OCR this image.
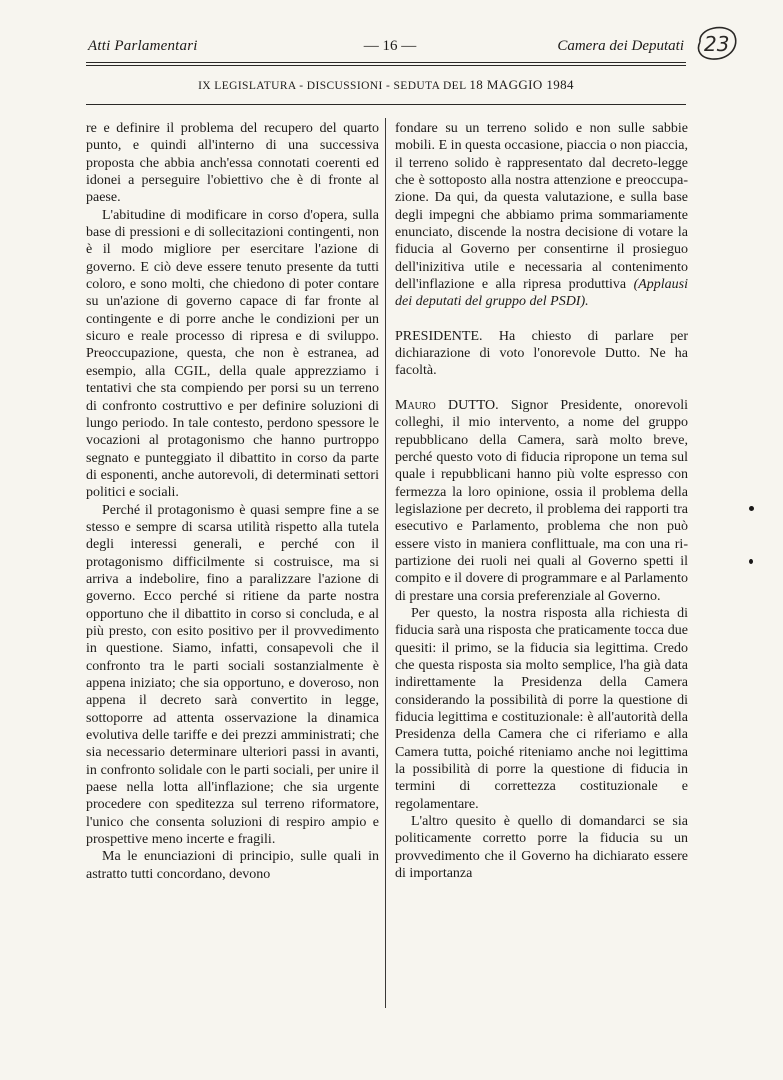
Atti Parlamentari	— 16 —	Camera dei Deputati 23
IX LEGISLATURA - DISCUSSIONI - SEDUTA DEL 18 MAGGIO 1984

re e definire il problema del recupero del quarto punto, e quindi all'interno di una successiva proposta che abbia anch'essa connotati coerenti ed idonei a perseguire l'obiettivo che è di fronte al paese.

L'abitudine di modificare in corso d'opera, sulla base di pressioni e di sollecitazioni contingenti, non è il modo migliore per esercitare l'azione di governo. E ciò deve essere tenuto presente da tutti coloro, e sono molti, che chiedono di poter contare su un'azione di governo capace di far fronte al contingente e di porre anche le condizioni per un sicuro e reale processo di ripresa e di sviluppo. Preoccupazione, questa, che non è estranea, ad esempio, alla CGIL, della quale apprezziamo i tentativi che sta compiendo per porsi su un terreno di confronto costruttivo e per definire soluzioni di lungo periodo. In tale contesto, perdono spessore le vocazioni al protagonismo che hanno purtroppo segnato e punteggiato il dibattito in corso da parte di esponenti, anche autorevoli, di determinati settori politici e sociali.

Perché il protagonismo è quasi sempre fine a se stesso e sempre di scarsa utilità rispetto alla tutela degli interessi generali, e perché con il protagonismo difficilmente si costruisce, ma si arriva a indebolire, fino a paralizzare l'azione di governo. Ecco perché si ritiene da parte nostra opportuno che il dibattito in corso si concluda, e al più presto, con esito positivo per il provvedimento in questione. Siamo, infatti, consapevoli che il confronto tra le parti sociali sostanzialmente è appena iniziato; che sia opportuno, e doveroso, non appena il decreto sarà convertito in legge, sottoporre ad attenta osservazione la dinamica evolutiva delle tariffe e dei prezzi amministrati; che sia necessario determinare ulteriori passi in avanti, in confronto solidale con le parti sociali, per unire il paese nella lotta all'inflazione; che sia urgente procedere con speditezza sul terreno riformatore, l'unico che consenta soluzioni di respiro ampio e prospettive meno incerte e fragili.

Ma le enunciazioni di principio, sulle quali in astratto tutti concordano, devono

fondare su un terreno solido e non sulle sabbie mobili. E in questa occasione, piaccia o non piaccia, il terreno solido è rappresentato dal decreto-legge che è sottoposto alla nostra attenzione e preoccupazione. Da qui, da questa valutazione, e sulla base degli impegni che abbiamo prima sommariamente enunciato, discende la nostra decisione di votare la fiducia al Governo per consentirne il prosieguo dell'inizitiva utile e necessaria al contenimento dell'inflazione e alla ripresa produttiva (Applausi dei deputati del gruppo del PSDI).

PRESIDENTE. Ha chiesto di parlare per dichiarazione di voto l'onorevole Dutto. Ne ha facoltà.

Mauro DUTTO. Signor Presidente, onorevoli colleghi, il mio intervento, a nome del gruppo repubblicano della Camera, sarà molto breve, perché questo voto di fiducia ripropone un tema sul quale i repubblicani hanno più volte espresso con fermezza la loro opinione, ossia il problema della legislazione per decreto, il problema dei rapporti tra esecutivo e Parlamento, problema che non può essere visto in maniera conflittuale, ma con una ripartizione dei ruoli nei quali al Governo spetti il compito e il dovere di programmare e al Parlamento di prestare una corsia preferenziale al Governo.

Per questo, la nostra risposta alla richiesta di fiducia sarà una risposta che praticamente tocca due quesiti: il primo, se la fiducia sia legittima. Credo che questa risposta sia molto semplice, l'ha già data indirettamente la Presidenza della Camera considerando la possibilità di porre la questione di fiducia legittima e costituzionale: è all'autorità della Presidenza della Camera che ci riferiamo e alla Camera tutta, poiché riteniamo anche noi legittima la possibilità di porre la questione di fiducia in termini di correttezza costituzionale e regolamentare.

L'altro quesito è quello di domandarci se sia politicamente corretto porre la fiducia su un provvedimento che il Governo ha dichiarato essere di importanza
